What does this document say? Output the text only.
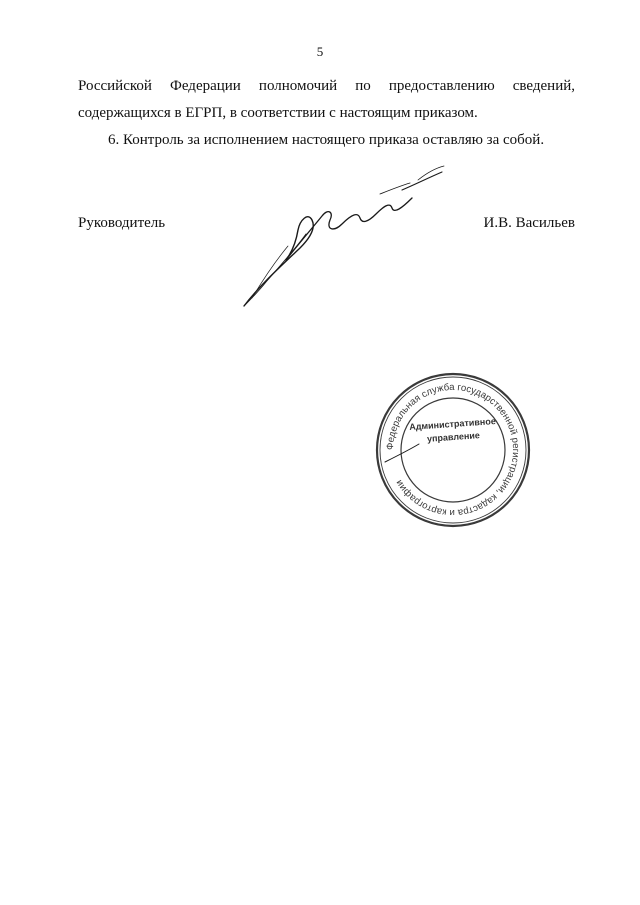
5
Российской Федерации полномочий по предоставлению сведений,
содержащихся в ЕГРП, в соответствии с настоящим приказом.
6. Контроль за исполнением настоящего приказа оставляю за собой.
Руководитель	И.В. Васильев
Федеральная служба государственной регистрации, кадастра и картографии
Административное
управление
